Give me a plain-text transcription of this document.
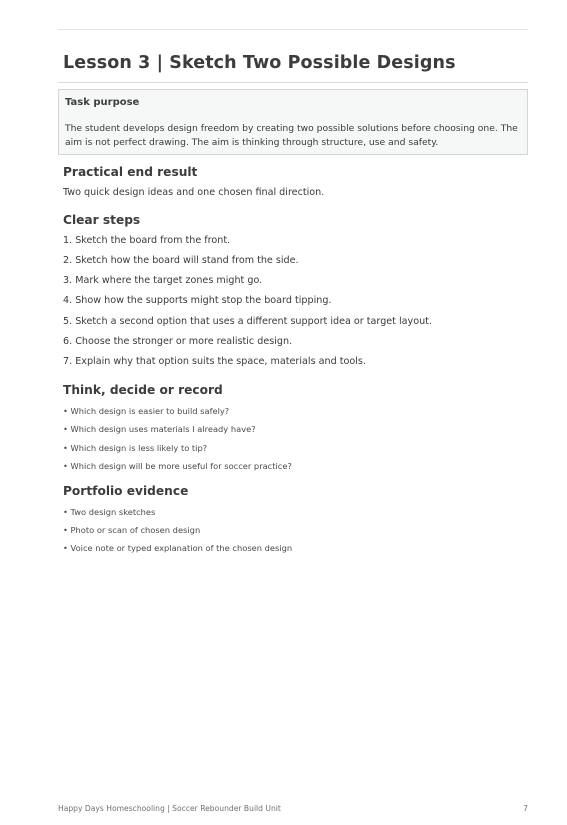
Lesson 3 | Sketch Two Possible Designs
Task purpose
The student develops design freedom by creating two possible solutions before choosing one. The aim is not perfect drawing. The aim is thinking through structure, use and safety.
Practical end result
Two quick design ideas and one chosen final direction.
Clear steps
1. Sketch the board from the front.
2. Sketch how the board will stand from the side.
3. Mark where the target zones might go.
4. Show how the supports might stop the board tipping.
5. Sketch a second option that uses a different support idea or target layout.
6. Choose the stronger or more realistic design.
7. Explain why that option suits the space, materials and tools.
Think, decide or record
• Which design is easier to build safely?
• Which design uses materials I already have?
• Which design is less likely to tip?
• Which design will be more useful for soccer practice?
Portfolio evidence
• Two design sketches
• Photo or scan of chosen design
• Voice note or typed explanation of the chosen design
Happy Days Homeschooling | Soccer Rebounder Build Unit	7
